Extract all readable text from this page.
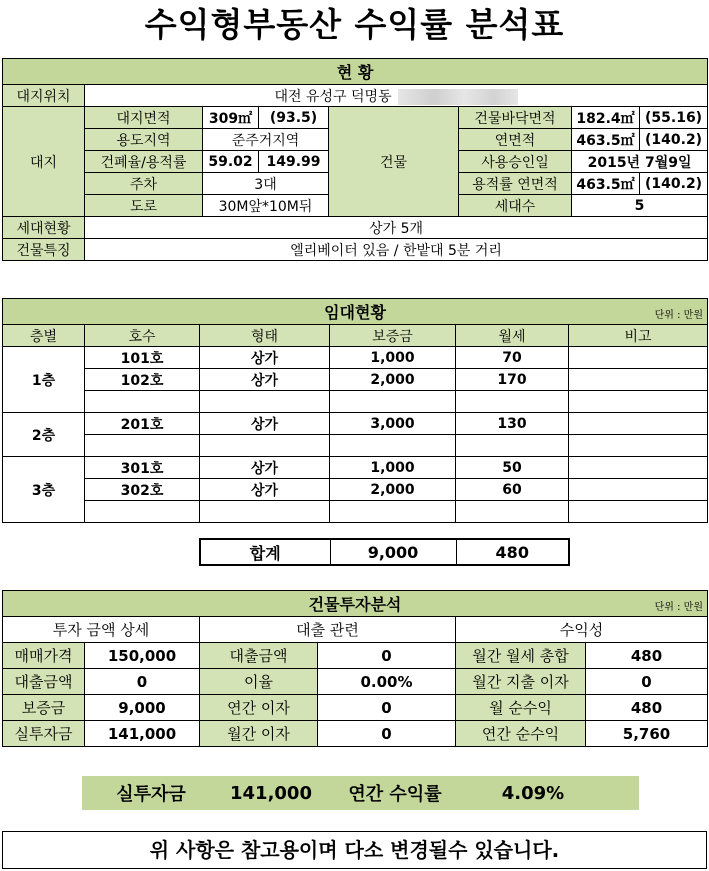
수익형부동산 수익률 분석표
현 황							
대지위치	대전 유성구 덕명동						
대지	대지면적	309㎡	(93.5)	건물	건물바닥면적	182.4㎡	(55.16)
	용도지역	준주거지역			연면적	463.5㎡	(140.2)
	건폐율/용적률	59.02	149.99		사용승인일	2015년 7월9일	
	주차	3대			용적률 연면적	463.5㎡	(140.2)
	도로	30M앞*10M뒤			세대수	5	
세대현황	상가 5개						
건물특징	엘리베이터 있음 / 한밭대 5분 거리						
임대현황 단위 : 만원					

층별	호수	형태	보증금	월세	비고
1층	101호	상가	1,000	70	
	102호	상가	2,000	170	

2층	201호	상가	3,000	130	

3층	301호	상가	1,000	50	
	302호	상가	2,000	60	

합계	9,000	480
건물투자분석 단위 : 만원					

투자 금액 상세		대출 관련		수익성	
매매가격	150,000	대출금액	0	월간 월세 총합	480
대출금액	0	이율	0.00%	월간 지출 이자	0
보증금	9,000	연간 이자	0	월 순수익	480
실투자금	141,000	월간 이자	0	연간 순수익	5,760
실투자금	141,000	연간 수익률	4.09%
위 사항은 참고용이며 다소 변경될수 있습니다.
